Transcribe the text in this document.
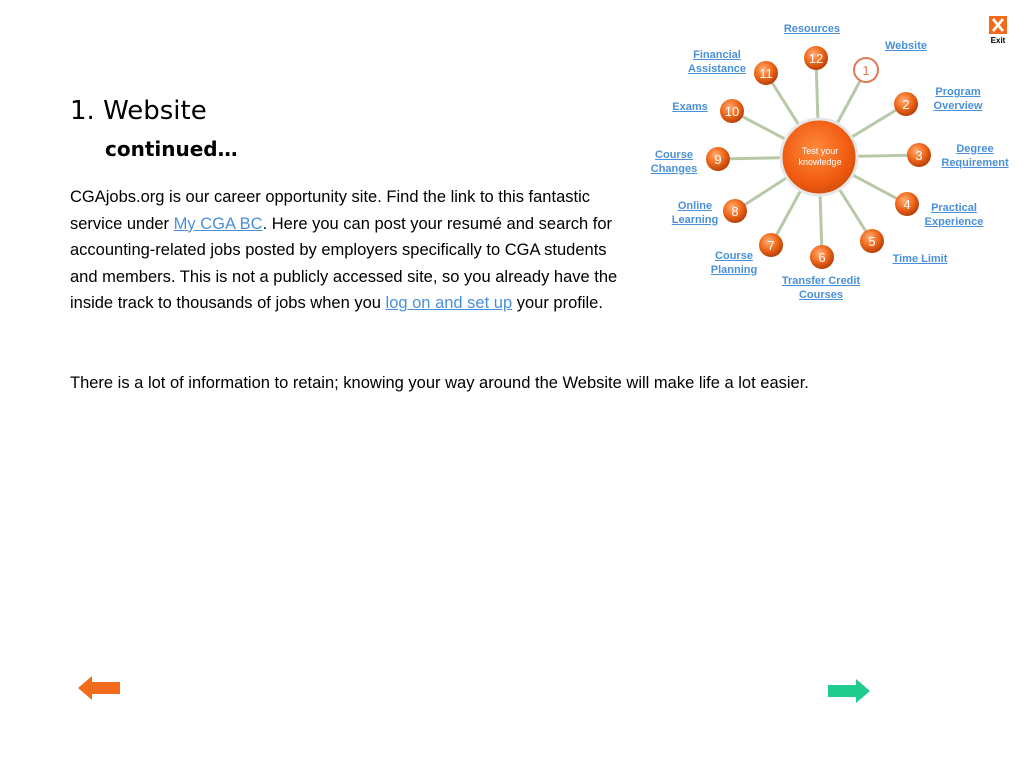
1. Website
continued…

CGAjobs.org is our career opportunity site. Find the link to this fantastic service under My CGA BC. Here you can post your resumé and search for accounting-related jobs posted by employers specifically to CGA students and members. This is not a publicly accessed site, so you already have the inside track to thousands of jobs when you log on and set up your profile.

There is a lot of information to retain; knowing your way around the Website will make life a lot easier.

Exit
1
2
3
4
5
6
7
8
9
10
11
12
Test your knowledge
Resources
Website
Financial
Assistance
Program
Overview
Exams
Degree
Requirement
Course
Changes
Online
Learning
Practical
Experience
Course
Planning
Time Limit
Transfer Credit
Courses
